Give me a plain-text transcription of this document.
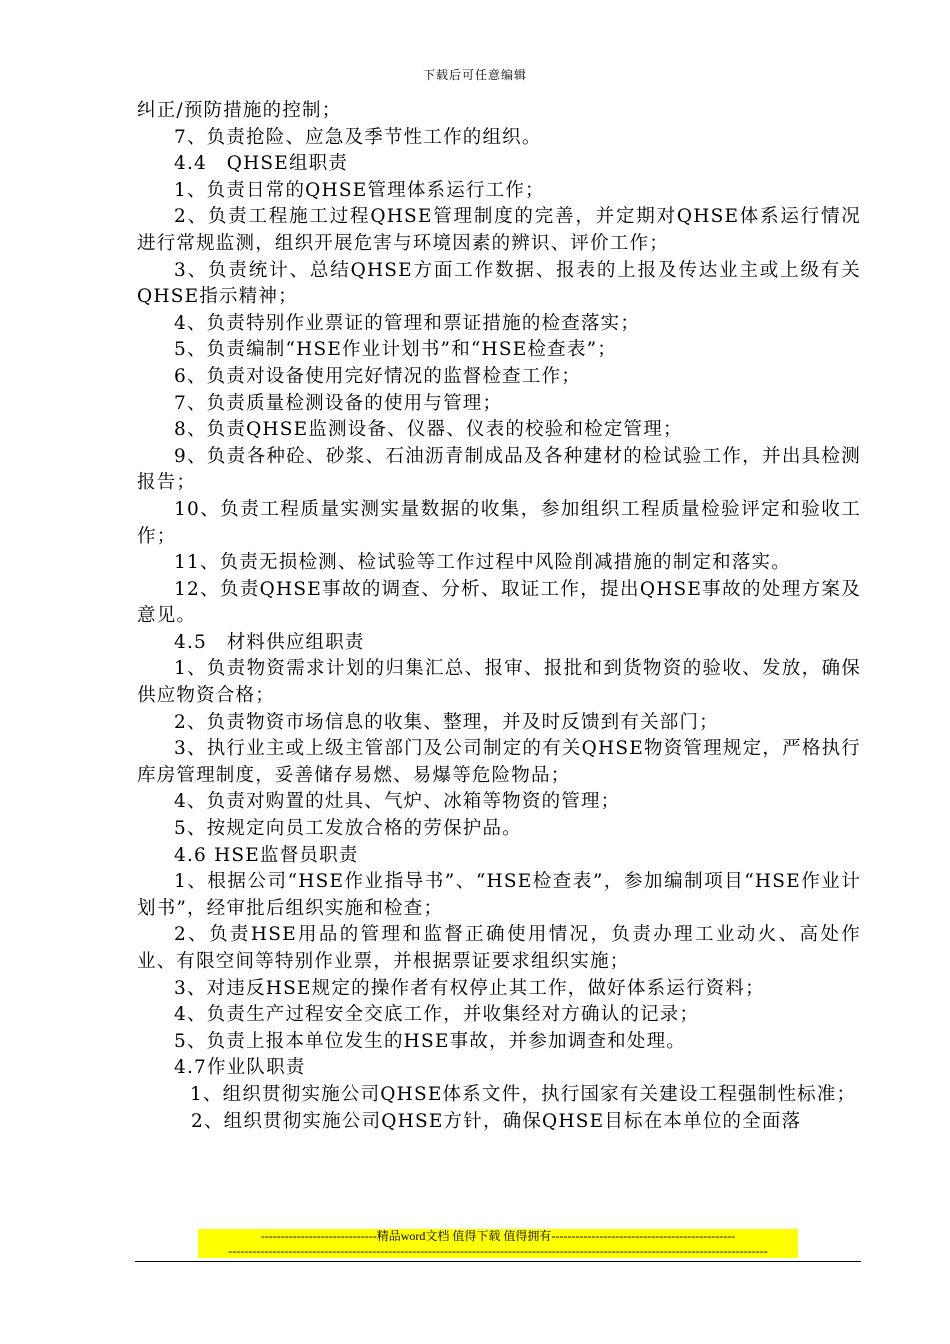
下载后可任意编辑

纠正/预防措施的控制；

7、负责抢险、应急及季节性工作的组织。

4.4　QHSE组职责

1、负责日常的QHSE管理体系运行工作；

2、负责工程施工过程QHSE管理制度的完善，并定期对QHSE体系运行情况进行常规监测，组织开展危害与环境因素的辨识、评价工作；

3、负责统计、总结QHSE方面工作数据、报表的上报及传达业主或上级有关QHSE指示精神；

4、负责特别作业票证的管理和票证措施的检查落实；

5、负责编制“HSE作业计划书”和“HSE检查表”；

6、负责对设备使用完好情况的监督检查工作；

7、负责质量检测设备的使用与管理；

8、负责QHSE监测设备、仪器、仪表的校验和检定管理；

9、负责各种砼、砂浆、石油沥青制成品及各种建材的检试验工作，并出具检测报告；

10、负责工程质量实测实量数据的收集，参加组织工程质量检验评定和验收工作；

11、负责无损检测、检试验等工作过程中风险削减措施的制定和落实。

12、负责QHSE事故的调查、分析、取证工作，提出QHSE事故的处理方案及意见。

4.5　材料供应组职责

1、负责物资需求计划的归集汇总、报审、报批和到货物资的验收、发放，确保供应物资合格；

2、负责物资市场信息的收集、整理，并及时反馈到有关部门；

3、执行业主或上级主管部门及公司制定的有关QHSE物资管理规定，严格执行库房管理制度，妥善储存易燃、易爆等危险物品；

4、负责对购置的灶具、气炉、冰箱等物资的管理；

5、按规定向员工发放合格的劳保护品。

4.6 HSE监督员职责

1、根据公司“HSE作业指导书”、“HSE检查表”，参加编制项目“HSE作业计划书”，经审批后组织实施和检查；

2、负责HSE用品的管理和监督正确使用情况，负责办理工业动火、高处作业、有限空间等特别作业票，并根据票证要求组织实施；

3、对违反HSE规定的操作者有权停止其工作，做好体系运行资料；

4、负责生产过程安全交底工作，并收集经对方确认的记录；

5、负责上报本单位发生的HSE事故，并参加调查和处理。

4.7作业队职责

1、组织贯彻实施公司QHSE体系文件，执行国家有关建设工程强制性标准；

2、组织贯彻实施公司QHSE方针，确保QHSE目标在本单位的全面落

-----------------------------精品word文档 值得下载 值得拥有----------------------------------------------
---------------------------------------------------------------------------------------------------------------------------------------
